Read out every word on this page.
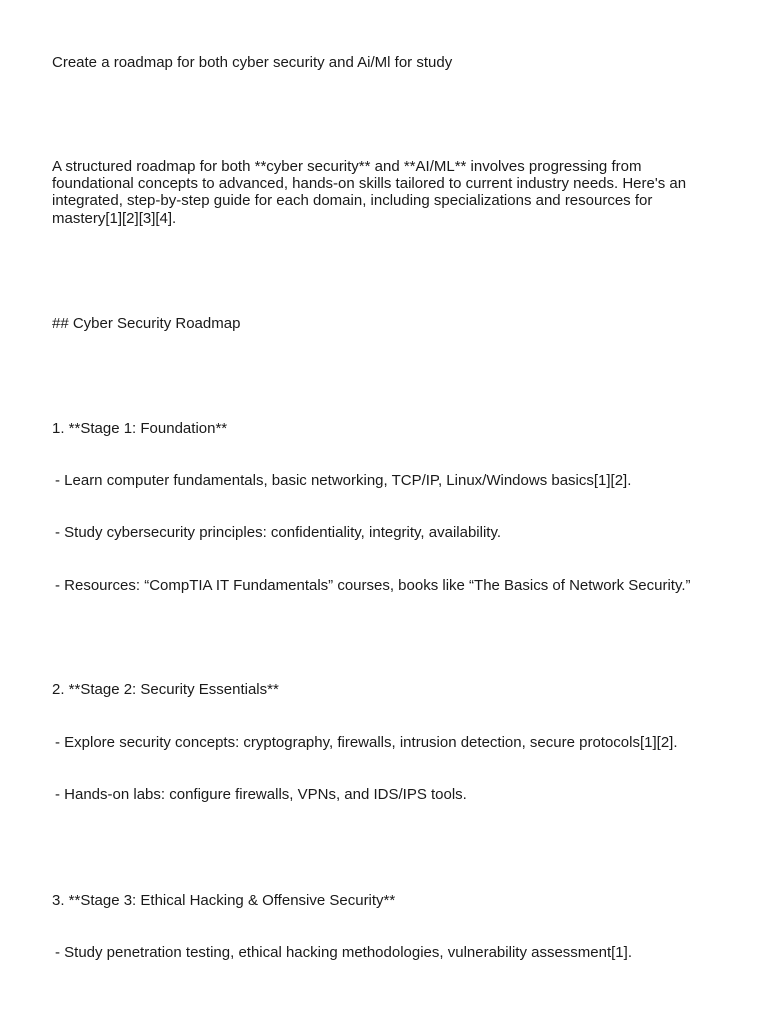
Create a roadmap for both cyber security and Ai/Ml for study

A structured roadmap for both **cyber security** and **AI/ML** involves progressing from

foundational concepts to advanced, hands-on skills tailored to current industry needs. Here's an

integrated, step-by-step guide for each domain, including specializations and resources for

mastery[1][2][3][4].

## Cyber Security Roadmap

1. **Stage 1: Foundation**

- Learn computer fundamentals, basic networking, TCP/IP, Linux/Windows basics[1][2].

- Study cybersecurity principles: confidentiality, integrity, availability.

- Resources: “CompTIA IT Fundamentals” courses, books like “The Basics of Network Security.”

2. **Stage 2: Security Essentials**

- Explore security concepts: cryptography, firewalls, intrusion detection, secure protocols[1][2].

- Hands-on labs: configure firewalls, VPNs, and IDS/IPS tools.

3. **Stage 3: Ethical Hacking & Offensive Security**

- Study penetration testing, ethical hacking methodologies, vulnerability assessment[1].
